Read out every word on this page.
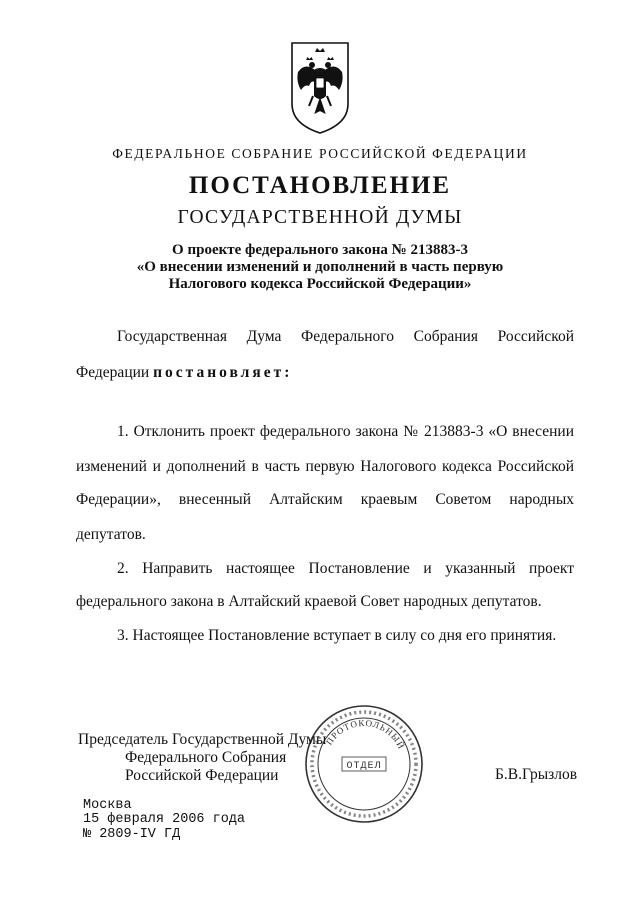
ФЕДЕРАЛЬНОЕ СОБРАНИЕ РОССИЙСКОЙ ФЕДЕРАЦИИ
ПОСТАНОВЛЕНИЕ
ГОСУДАРСТВЕННОЙ ДУМЫ
О проекте федерального закона № 213883-3
«О внесении изменений и дополнений в часть первую
Налогового кодекса Российской Федерации»
Государственная Дума Федерального Собрания Российской
Федерации постановляет:
1. Отклонить проект федерального закона № 213883-3 «О внесении
изменений и дополнений в часть первую Налогового кодекса Российской
Федерации», внесенный Алтайским краевым Советом народных
депутатов.
2. Направить настоящее Постановление и указанный проект
федерального закона в Алтайский краевой Совет народных депутатов.
3. Настоящее Постановление вступает в силу со дня его принятия.
ПРОТОКОЛЬНЫЙ
ОТДЕЛ
Председатель Государственной Думы
Федерального Собрания
Российской Федерации	Б.В.Грызлов
Москва
15 февраля 2006 года
№ 2809-IV ГД
